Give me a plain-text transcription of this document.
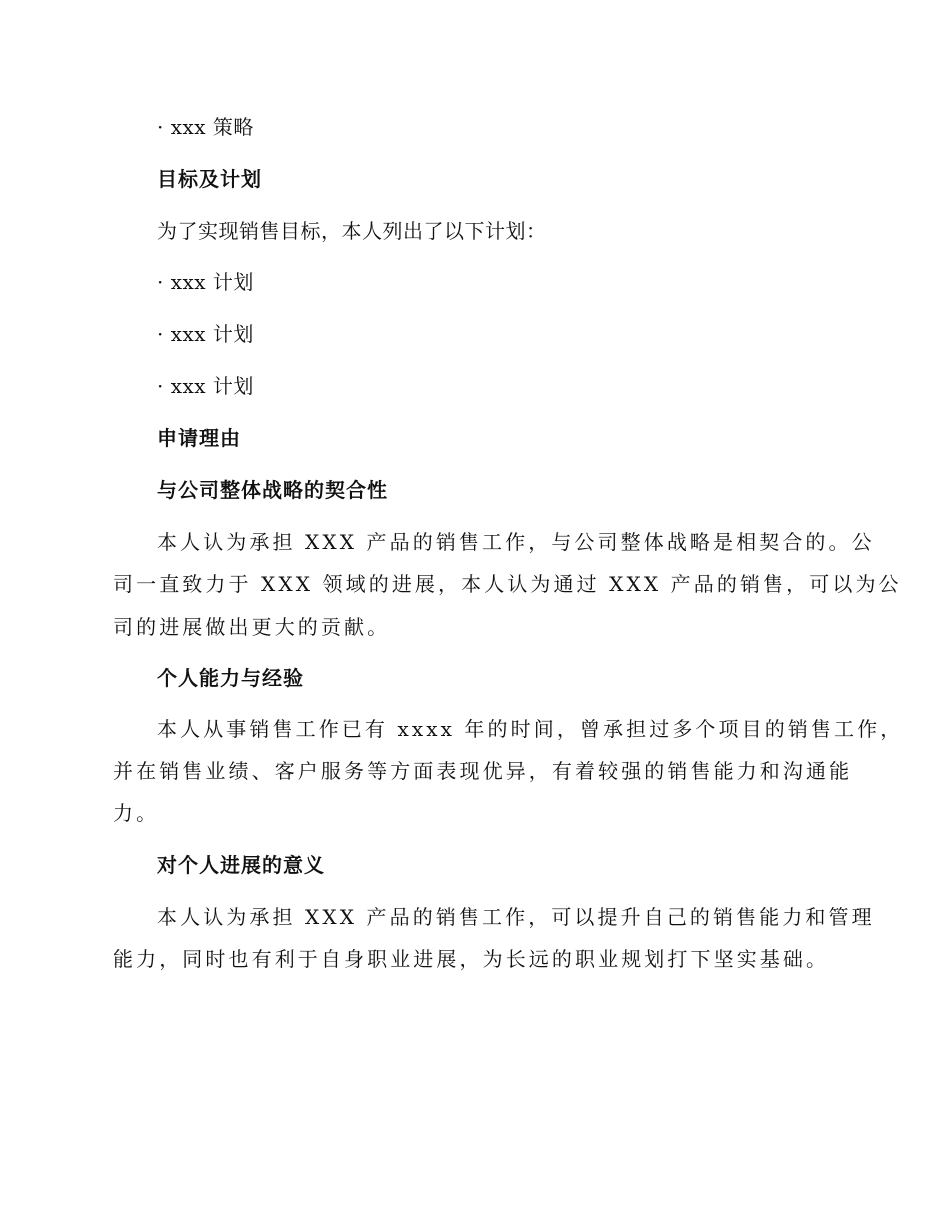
· xxx 策略
目标及计划
为了实现销售目标，本人列出了以下计划：
· xxx 计划
· xxx 计划
· xxx 计划
申请理由
与公司整体战略的契合性
本人认为承担 XXX 产品的销售工作，与公司整体战略是相契合的。公
司一直致力于 XXX 领域的进展，本人认为通过 XXX 产品的销售，可以为公
司的进展做出更大的贡献。
个人能力与经验
本人从事销售工作已有 xxxx 年的时间，曾承担过多个项目的销售工作，
并在销售业绩、客户服务等方面表现优异，有着较强的销售能力和沟通能
力。
对个人进展的意义
本人认为承担 XXX 产品的销售工作，可以提升自己的销售能力和管理
能力，同时也有利于自身职业进展，为长远的职业规划打下坚实基础。
